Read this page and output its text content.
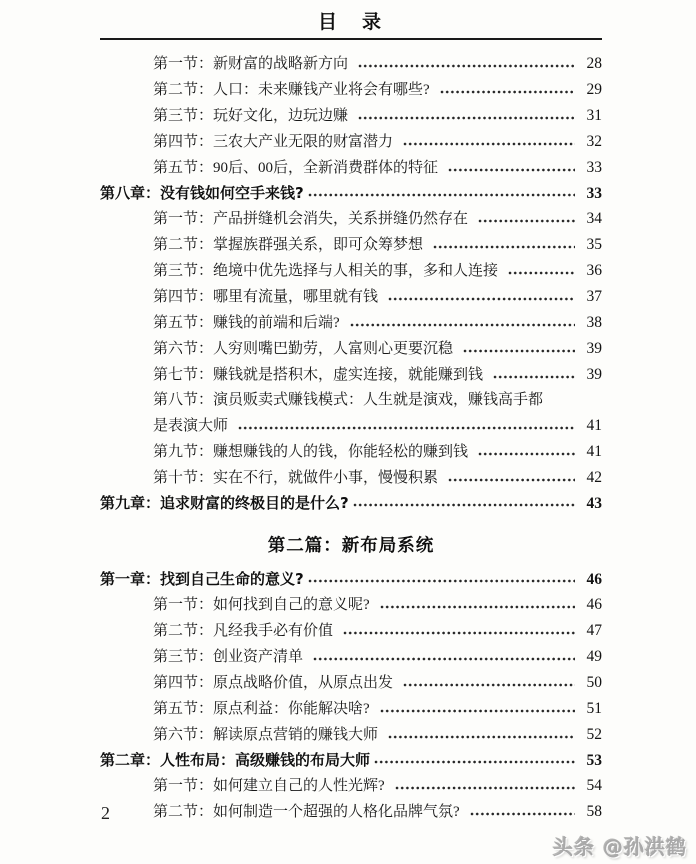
目　录
第一节：新财富的战略新方向	28
第二节：人口：未来赚钱产业将会有哪些?	29
第三节：玩好文化，边玩边赚	31
第四节：三农大产业无限的财富潜力	32
第五节：90后、00后，全新消费群体的特征	33
第八章：没有钱如何空手来钱?	33
第一节：产品拼缝机会消失，关系拼缝仍然存在	34
第二节：掌握族群强关系，即可众筹梦想	35
第三节：绝境中优先选择与人相关的事，多和人连接	36
第四节：哪里有流量，哪里就有钱	37
第五节：赚钱的前端和后端?	38
第六节：人穷则嘴巴勤劳，人富则心更要沉稳	39
第七节：赚钱就是搭积木，虚实连接，就能赚到钱	39
第八节：演员贩卖式赚钱模式：人生就是演戏，赚钱高手都
是表演大师	41
第九节：赚想赚钱的人的钱，你能轻松的赚到钱	41
第十节：实在不行，就做件小事，慢慢积累	42
第九章：追求财富的终极目的是什么?	43
第二篇：新布局系统
第一章：找到自己生命的意义?	46
第一节：如何找到自己的意义呢?	46
第二节：凡经我手必有价值	47
第三节：创业资产清单	49
第四节：原点战略价值，从原点出发	50
第五节：原点利益：你能解决啥?	51
第六节：解读原点营销的赚钱大师	52
第二章：人性布局：高级赚钱的布局大师	53
第一节：如何建立自己的人性光辉?	54
第二节：如何制造一个超强的人格化品牌气氛?	58
2
头条 @孙洪鹤
